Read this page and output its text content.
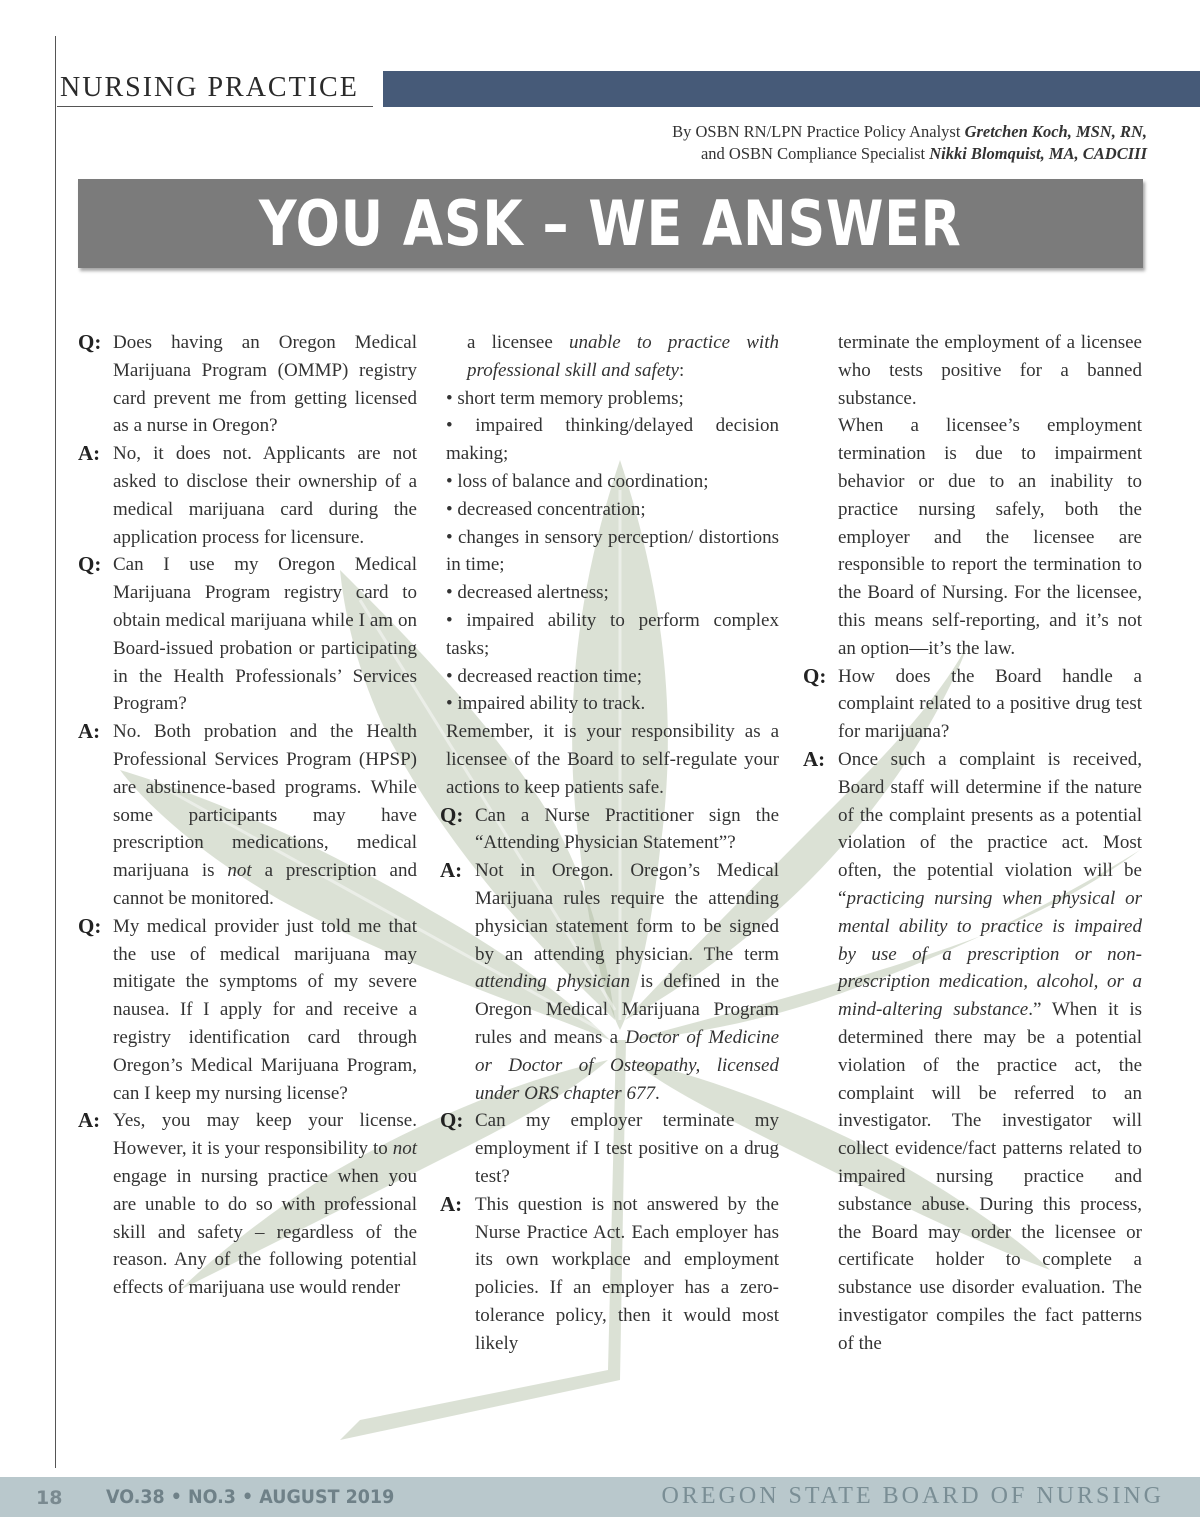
NURSING PRACTICE
By OSBN RN/LPN Practice Policy Analyst Gretchen Koch, MSN, RN,
and OSBN Compliance Specialist Nikki Blomquist, MA, CADCIII
YOU ASK – WE ANSWER
Q: Does having an Oregon Medical Marijuana Program (OMMP) registry card prevent me from getting licensed as a nurse in Oregon?

A: No, it does not. Applicants are not asked to disclose their ownership of a medical marijuana card during the application process for licensure.

Q: Can I use my Oregon Medical Marijuana Program registry card to obtain medical marijuana while I am on Board-issued probation or participating in the Health Professionals’ Services Program?

A: No. Both probation and the Health Professional Services Program (HPSP) are abstinence-based programs. While some participants may have prescription medications, medical marijuana is not a prescription and cannot be monitored.

Q: My medical provider just told me that the use of medical marijuana may mitigate the symptoms of my severe nausea. If I apply for and receive a registry identification card through Oregon’s Medical Marijuana Program, can I keep my nursing license?

A: Yes, you may keep your license. However, it is your responsibility to not engage in nursing practice when you are unable to do so with professional skill and safety – regardless of the reason. Any of the following potential effects of marijuana use would render

a licensee unable to practice with professional skill and safety:

• short term memory problems;

• impaired thinking/delayed decision making;

• loss of balance and coordination;

• decreased concentration;

• changes in sensory perception/ distortions in time;

• decreased alertness;

• impaired ability to perform complex tasks;

• decreased reaction time;

• impaired ability to track.

Remember, it is your responsibility as a licensee of the Board to self-regulate your actions to keep patients safe.

Q: Can a Nurse Practitioner sign the “Attending Physician Statement”?

A: Not in Oregon. Oregon’s Medical Marijuana rules require the attending physician statement form to be signed by an attending physician. The term attending physician is defined in the Oregon Medical Marijuana Program rules and means a Doctor of Medicine or Doctor of Osteopathy, licensed under ORS chapter 677.

Q: Can my employer terminate my employment if I test positive on a drug test?

A: This question is not answered by the Nurse Practice Act. Each employer has its own workplace and employment policies. If an employer has a zero-tolerance policy, then it would most likely

terminate the employment of a licensee who tests positive for a banned substance.

When a licensee’s employment termination is due to impairment behavior or due to an inability to practice nursing safely, both the employer and the licensee are responsible to report the termination to the Board of Nursing. For the licensee, this means self-reporting, and it’s not an option—it’s the law.

Q: How does the Board handle a complaint related to a positive drug test for marijuana?

A: Once such a complaint is received, Board staff will determine if the nature of the complaint presents as a potential violation of the practice act. Most often, the potential violation will be “practicing nursing when physical or mental ability to practice is impaired by use of a prescription or non-prescription medication, alcohol, or a mind-altering substance.” When it is determined there may be a potential violation of the practice act, the complaint will be referred to an investigator. The investigator will collect evidence/fact patterns related to impaired nursing practice and substance abuse. During this process, the Board may order the licensee or certificate holder to complete a substance use disorder evaluation. The investigator compiles the fact patterns of the

18 VO.38 • NO.3 • AUGUST 2019	OREGON STATE BOARD OF NURSING
